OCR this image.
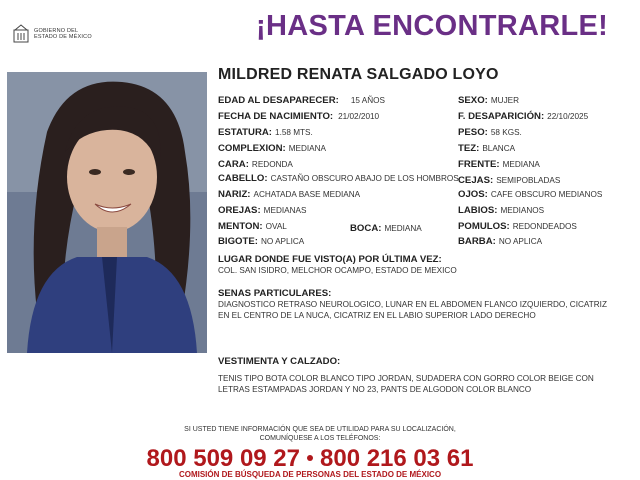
GOBIERNO DEL
ESTADO DE MÉXICO	¡HASTA ENCONTRARLE!
MILDRED RENATA SALGADO LOYO
EDAD AL DESAPARECER: 15 AÑOS
FECHA DE NACIMIENTO: 21/02/2010
ESTATURA: 1.58 MTS.
COMPLEXION: MEDIANA
CARA: REDONDA
CABELLO: CASTAÑO OBSCURO ABAJO DE LOS HOMBROS
NARIZ: ACHATADA BASE MEDIANA
OREJAS: MEDIANAS
MENTON: OVAL	BOCA: MEDIANA
BIGOTE: NO APLICA
SEXO: MUJER
F. DESAPARICIÓN: 22/10/2025
PESO: 58 KGS.
TEZ: BLANCA
FRENTE: MEDIANA
CEJAS: SEMIPOBLADAS
OJOS: CAFE OBSCURO MEDIANOS
LABIOS: MEDIANOS
POMULOS: REDONDEADOS
BARBA: NO APLICA
LUGAR DONDE FUE VISTO(A) POR ÚLTIMA VEZ:
COL. SAN ISIDRO, MELCHOR OCAMPO, ESTADO DE MEXICO
SENAS PARTICULARES:
DIAGNOSTICO RETRASO NEUROLOGICO, LUNAR EN EL ABDOMEN FLANCO IZQUIERDO, CICATRIZ EN EL CENTRO DE LA NUCA, CICATRIZ EN EL LABIO SUPERIOR LADO DERECHO
VESTIMENTA Y CALZADO:
TENIS TIPO BOTA COLOR BLANCO TIPO JORDAN, SUDADERA CON GORRO COLOR BEIGE CON LETRAS ESTAMPADAS JORDAN Y NO 23, PANTS DE ALGODON COLOR BLANCO
SI USTED TIENE INFORMACIÓN QUE SEA DE UTILIDAD PARA SU LOCALIZACIÓN,
COMUNÍQUESE A LOS TELÉFONOS:
800 509 09 27 800 216 03 61
COMISIÓN DE BÚSQUEDA DE PERSONAS DEL ESTADO DE MÉXICO
